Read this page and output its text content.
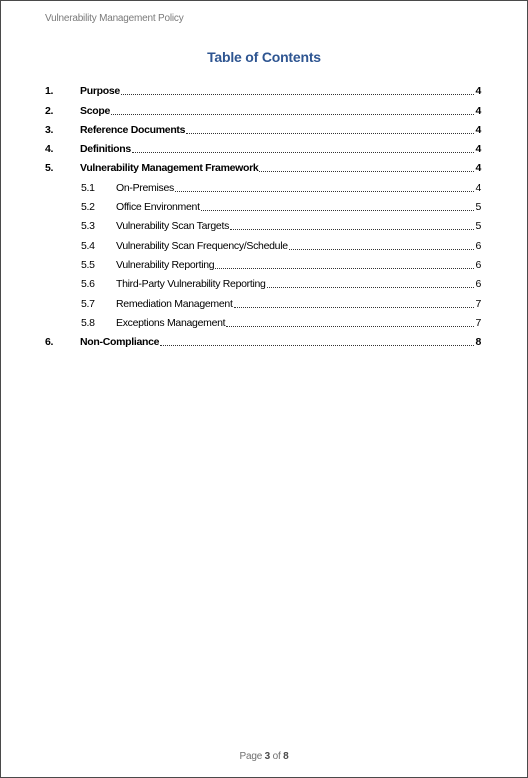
Vulnerability Management Policy
Table of Contents
1.	Purpose	4
2.	Scope	4
3.	Reference Documents	4
4.	Definitions	4
5.	Vulnerability Management Framework	4
5.1 On-Premises	4
5.2 Office Environment	5
5.3 Vulnerability Scan Targets	5
5.4 Vulnerability Scan Frequency/Schedule	6
5.5 Vulnerability Reporting	6
5.6 Third-Party Vulnerability Reporting	6
5.7 Remediation Management	7
5.8 Exceptions Management	7
6.	Non-Compliance	8
Page 3 of 8
